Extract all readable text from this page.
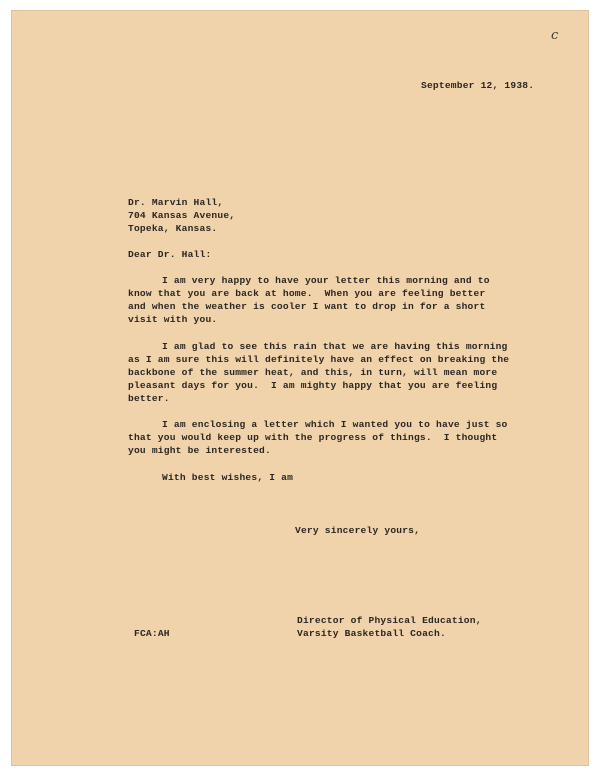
c
September 12, 1938.
Dr. Marvin Hall,
704 Kansas Avenue,
Topeka, Kansas.
Dear Dr. Hall:
I am very happy to have your letter this morning and to
know that you are back at home.  When you are feeling better
and when the weather is cooler I want to drop in for a short
visit with you.
I am glad to see this rain that we are having this morning
as I am sure this will definitely have an effect on breaking the
backbone of the summer heat, and this, in turn, will mean more
pleasant days for you.  I am mighty happy that you are feeling
better.
I am enclosing a letter which I wanted you to have just so
that you would keep up with the progress of things.  I thought
you might be interested.
With best wishes, I am
Very sincerely yours,
Director of Physical Education,
Varsity Basketball Coach.
FCA:AH
